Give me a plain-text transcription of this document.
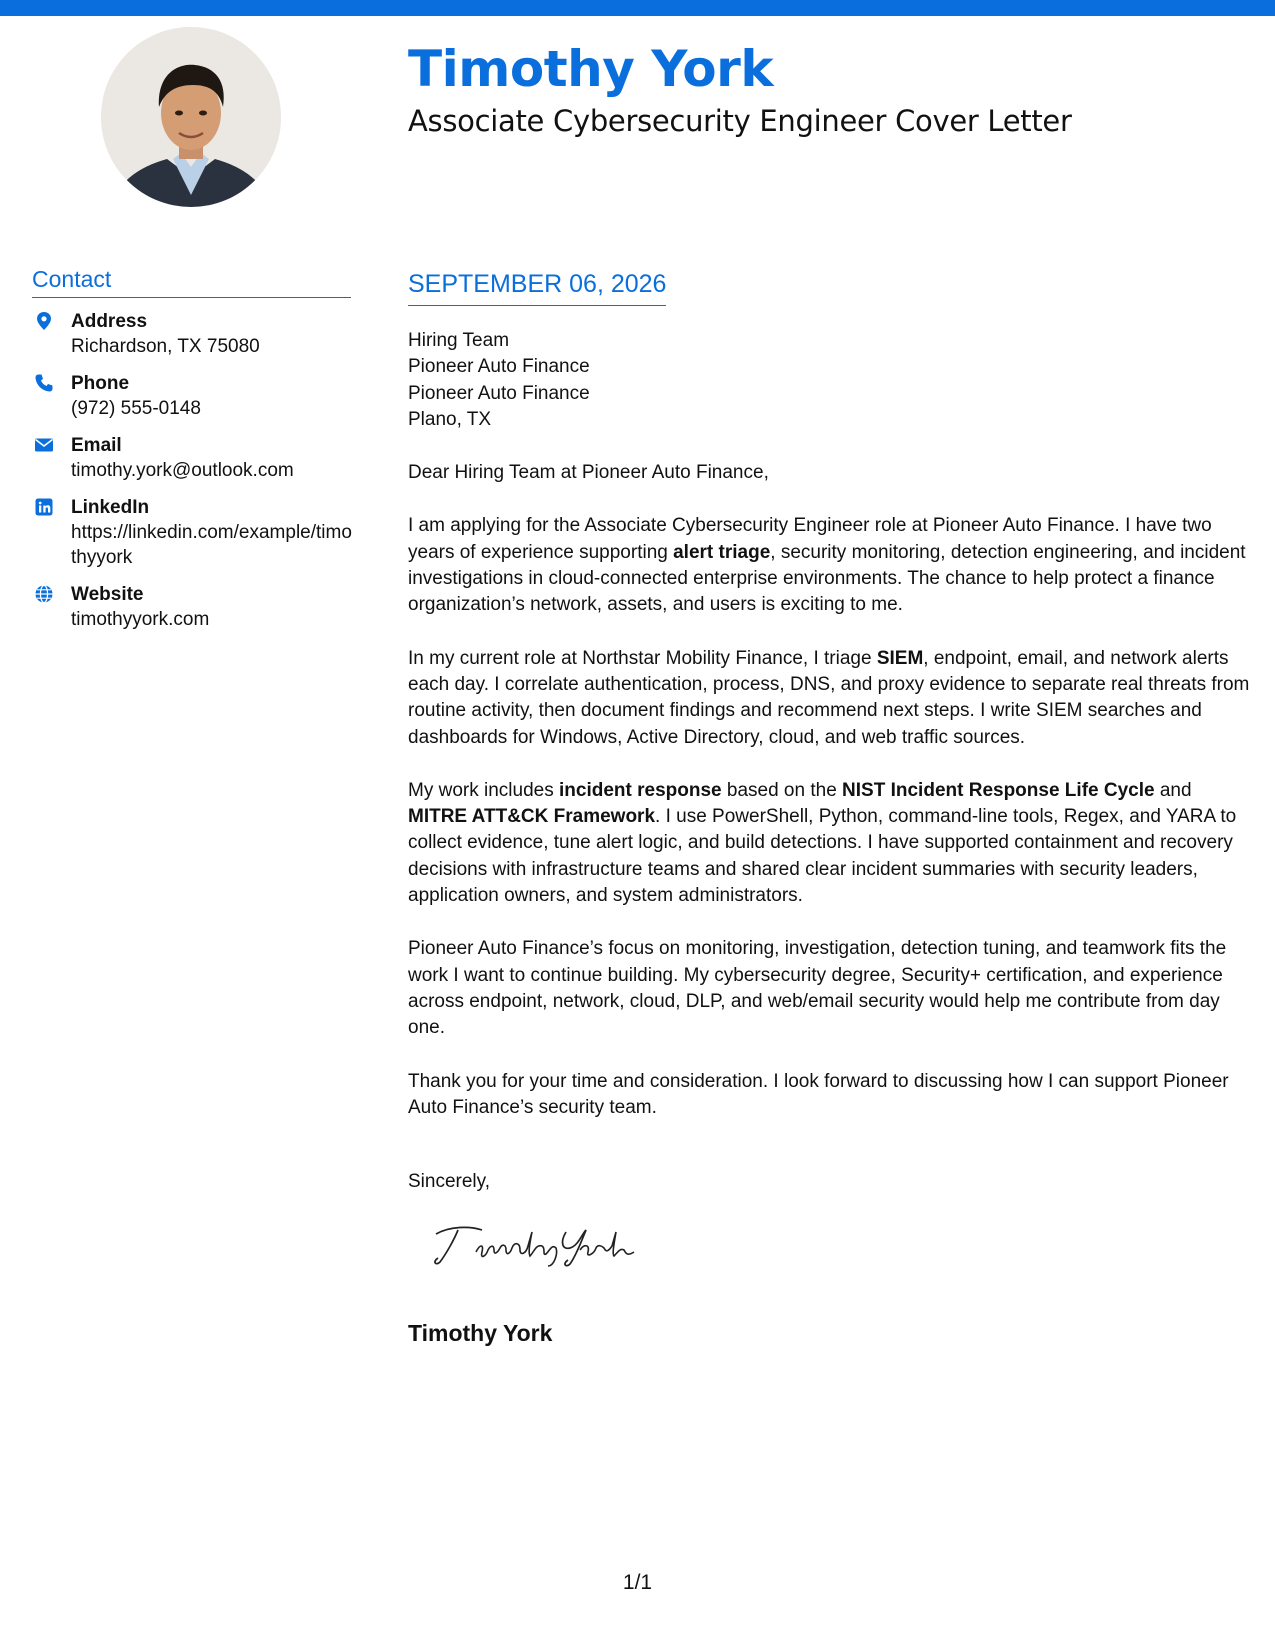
Timothy York
Associate Cybersecurity Engineer Cover Letter
Contact
Address
Richardson, TX 75080
Phone
(972) 555-0148
Email
timothy.york@outlook.com
LinkedIn
https://linkedin.com/example/timothyyork
Website
timothyyork.com
SEPTEMBER 06, 2026
Hiring Team
Pioneer Auto Finance
Pioneer Auto Finance
Plano, TX
Dear Hiring Team at Pioneer Auto Finance,
I am applying for the Associate Cybersecurity Engineer role at Pioneer Auto Finance. I have two years of experience supporting alert triage, security monitoring, detection engineering, and incident investigations in cloud-connected enterprise environments. The chance to help protect a finance organization’s network, assets, and users is exciting to me.
In my current role at Northstar Mobility Finance, I triage SIEM, endpoint, email, and network alerts each day. I correlate authentication, process, DNS, and proxy evidence to separate real threats from routine activity, then document findings and recommend next steps. I write SIEM searches and dashboards for Windows, Active Directory, cloud, and web traffic sources.
My work includes incident response based on the NIST Incident Response Life Cycle and MITRE ATT&CK Framework. I use PowerShell, Python, command-line tools, Regex, and YARA to collect evidence, tune alert logic, and build detections. I have supported containment and recovery decisions with infrastructure teams and shared clear incident summaries with security leaders, application owners, and system administrators.
Pioneer Auto Finance’s focus on monitoring, investigation, detection tuning, and teamwork fits the work I want to continue building. My cybersecurity degree, Security+ certification, and experience across endpoint, network, cloud, DLP, and web/email security would help me contribute from day one.
Thank you for your time and consideration. I look forward to discussing how I can support Pioneer Auto Finance’s security team.
Sincerely,
Timothy York
1/1
